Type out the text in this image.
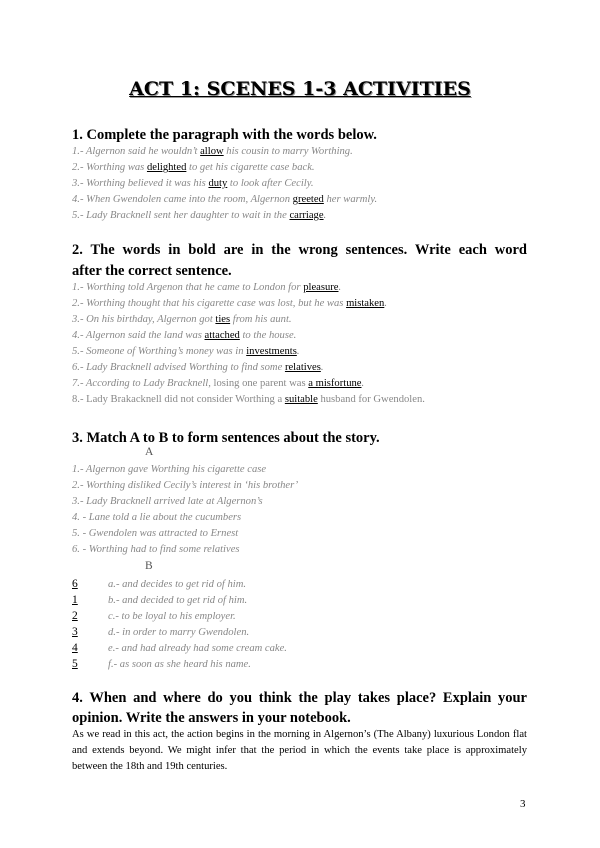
ACT 1: SCENES 1-3 ACTIVITIES
1. Complete the paragraph with the words below.
1.- Algernon said he wouldn’t allow his cousin to marry Worthing.
2.- Worthing was delighted to get his cigarette case back.
3.- Worthing believed it was his duty to look after Cecily.
4.- When Gwendolen came into the room, Algernon greeted her warmly.
5.- Lady Bracknell sent her daughter to wait in the carriage.
2. The words in bold are in the wrong sentences. Write each word
after the correct sentence.
1.- Worthing told Argenon that he came to London for pleasure.
2.- Worthing thought that his cigarette case was lost, but he was mistaken.
3.- On his birthday, Algernon got ties from his aunt.
4.- Algernon said the land was attached to the house.
5.- Someone of Worthing’s money was in investments.
6.- Lady Bracknell advised Worthing to find some relatives.
7.- According to Lady Bracknell, losing one parent was a misfortune.
8.- Lady Brakacknell did not consider Worthing a suitable husband for Gwendolen.
3. Match A to B to form sentences about the story.
A
1.- Algernon gave Worthing his cigarette case
2.- Worthing disliked Cecily’s interest in ‘his brother’
3.- Lady Bracknell arrived late at Algernon’s
4. - Lane told a lie about the cucumbers
5. - Gwendolen was attracted to Ernest
6. - Worthing had to find some relatives
B
6	a.- and decides to get rid of him.
1	b.- and decided to get rid of him.
2	c.- to be loyal to his employer.
3	d.- in order to marry Gwendolen.
4	e.- and had already had some cream cake.
5	f.- as soon as she heard his name.
4. When and where do you think the play takes place? Explain your
opinion. Write the answers in your notebook.

As we read in this act, the action begins in the morning in Algernon’s (The Albany) luxurious London flat and extends beyond. We might infer that the period in which the events take place is approximately between the 18th and 19th centuries.

3
